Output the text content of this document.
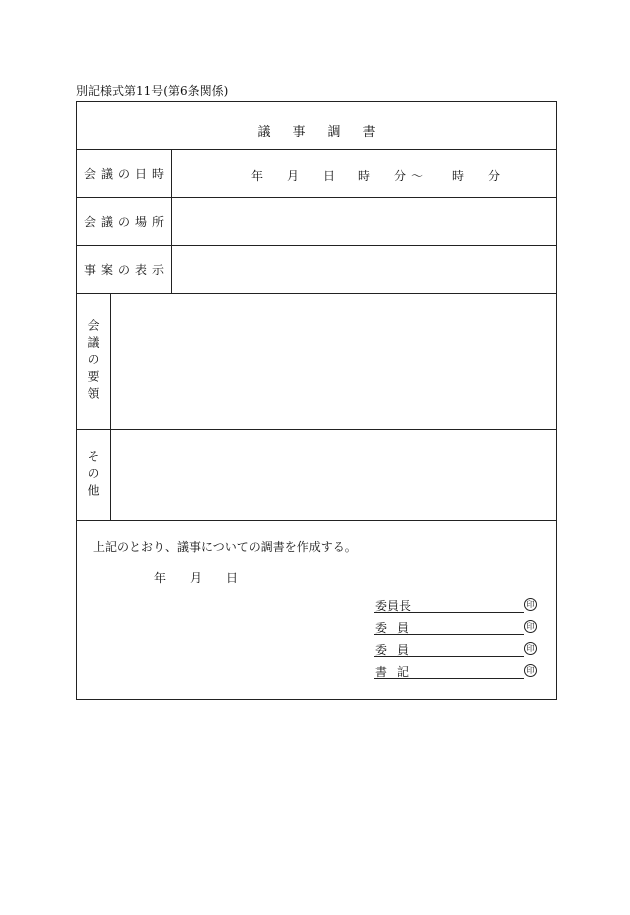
別記様式第11号(第6条関係)
議事調書
会議の日時	年 月 日 時 分 〜 時 分
会議の場所
事案の表示
会議の要領
その他
上記のとおり、議事についての調書を作成する。
年 月 日
委員長	印
委員	印
委員	印
書記	印
